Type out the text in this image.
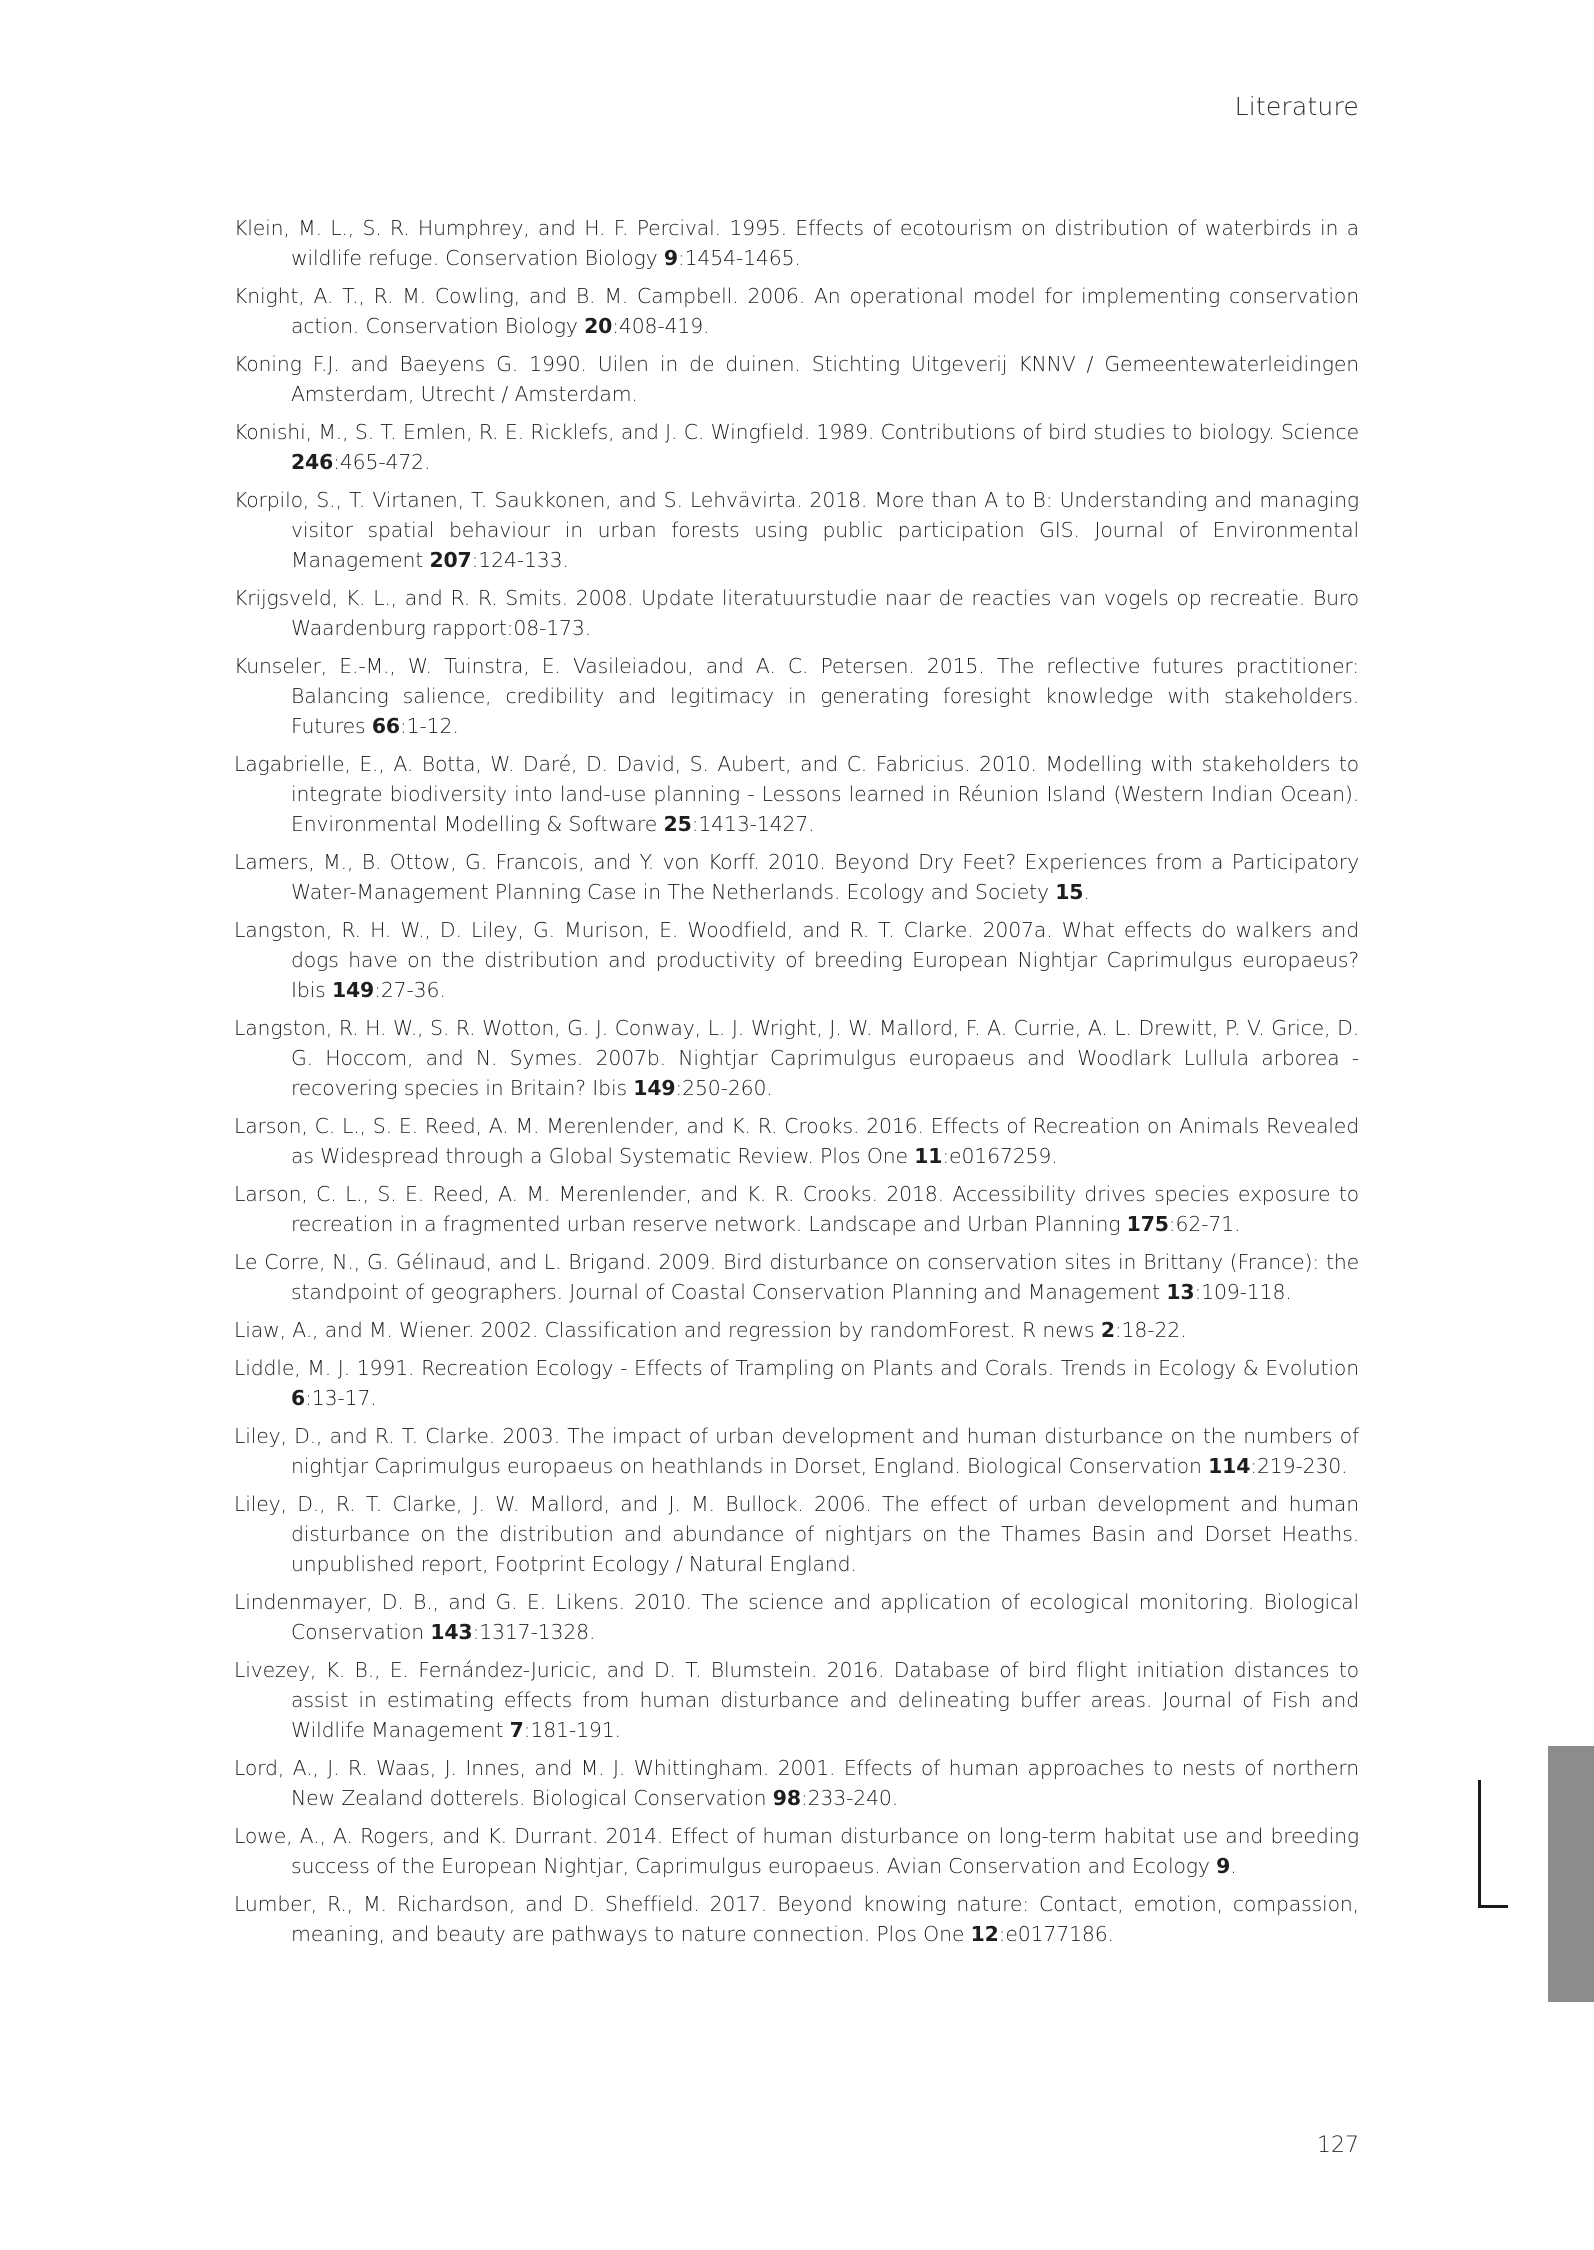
Literature

Klein, M. L., S. R. Humphrey, and H. F. Percival. 1995. Effects of ecotourism on distribution of waterbirds in a wildlife refuge. Conservation Biology 9:1454-1465.

Knight, A. T., R. M. Cowling, and B. M. Campbell. 2006. An operational model for implementing conservation action. Conservation Biology 20:408-419.

Koning F.J. and Baeyens G. 1990. Uilen in de duinen. Stichting Uitgeverij KNNV / Gemeentewaterleidingen Amsterdam, Utrecht / Amsterdam.

Konishi, M., S. T. Emlen, R. E. Ricklefs, and J. C. Wingfield. 1989. Contributions of bird studies to biology. Science 246:465-472.

Korpilo, S., T. Virtanen, T. Saukkonen, and S. Lehvävirta. 2018. More than A to B: Understanding and managing visitor spatial behaviour in urban forests using public participation GIS. Journal of Environmental Management 207:124-133.

Krijgsveld, K. L., and R. R. Smits. 2008. Update literatuurstudie naar de reacties van vogels op recreatie. Buro Waardenburg rapport:08-173.

Kunseler, E.-M., W. Tuinstra, E. Vasileiadou, and A. C. Petersen. 2015. The reflective futures practitioner: Balancing salience, credibility and legitimacy in generating foresight knowledge with stakeholders. Futures 66:1-12.

Lagabrielle, E., A. Botta, W. Daré, D. David, S. Aubert, and C. Fabricius. 2010. Modelling with stakeholders to integrate biodiversity into land-use planning - Lessons learned in Réunion Island (Western Indian Ocean). Environmental Modelling & Software 25:1413-1427.

Lamers, M., B. Ottow, G. Francois, and Y. von Korff. 2010. Beyond Dry Feet? Experiences from a Participatory Water-Management Planning Case in The Netherlands. Ecology and Society 15.

Langston, R. H. W., D. Liley, G. Murison, E. Woodfield, and R. T. Clarke. 2007a. What effects do walkers and dogs have on the distribution and productivity of breeding European Nightjar Caprimulgus europaeus? Ibis 149:27-36.

Langston, R. H. W., S. R. Wotton, G. J. Conway, L. J. Wright, J. W. Mallord, F. A. Currie, A. L. Drewitt, P. V. Grice, D. G. Hoccom, and N. Symes. 2007b. Nightjar Caprimulgus europaeus and Woodlark Lullula arborea - recovering species in Britain? Ibis 149:250-260.

Larson, C. L., S. E. Reed, A. M. Merenlender, and K. R. Crooks. 2016. Effects of Recreation on Animals Revealed as Widespread through a Global Systematic Review. Plos One 11:e0167259.

Larson, C. L., S. E. Reed, A. M. Merenlender, and K. R. Crooks. 2018. Accessibility drives species exposure to recreation in a fragmented urban reserve network. Landscape and Urban Planning 175:62-71.

Le Corre, N., G. Gélinaud, and L. Brigand. 2009. Bird disturbance on conservation sites in Brittany (France): the standpoint of geographers. Journal of Coastal Conservation Planning and Management 13:109-118.

Liaw, A., and M. Wiener. 2002. Classification and regression by randomForest. R news 2:18-22.

Liddle, M. J. 1991. Recreation Ecology - Effects of Trampling on Plants and Corals. Trends in Ecology & Evolution 6:13-17.

Liley, D., and R. T. Clarke. 2003. The impact of urban development and human disturbance on the numbers of nightjar Caprimulgus europaeus on heathlands in Dorset, England. Biological Conservation 114:219-230.

Liley, D., R. T. Clarke, J. W. Mallord, and J. M. Bullock. 2006. The effect of urban development and human disturbance on the distribution and abundance of nightjars on the Thames Basin and Dorset Heaths. unpublished report, Footprint Ecology / Natural England.

Lindenmayer, D. B., and G. E. Likens. 2010. The science and application of ecological monitoring. Biological Conservation 143:1317-1328.

Livezey, K. B., E. Fernández-Juricic, and D. T. Blumstein. 2016. Database of bird flight initiation distances to assist in estimating effects from human disturbance and delineating buffer areas. Journal of Fish and Wildlife Management 7:181-191.

Lord, A., J. R. Waas, J. Innes, and M. J. Whittingham. 2001. Effects of human approaches to nests of northern New Zealand dotterels. Biological Conservation 98:233-240.

Lowe, A., A. Rogers, and K. Durrant. 2014. Effect of human disturbance on long-term habitat use and breeding success of the European Nightjar, Caprimulgus europaeus. Avian Conservation and Ecology 9.

Lumber, R., M. Richardson, and D. Sheffield. 2017. Beyond knowing nature: Contact, emotion, compassion, meaning, and beauty are pathways to nature connection. Plos One 12:e0177186.

127
